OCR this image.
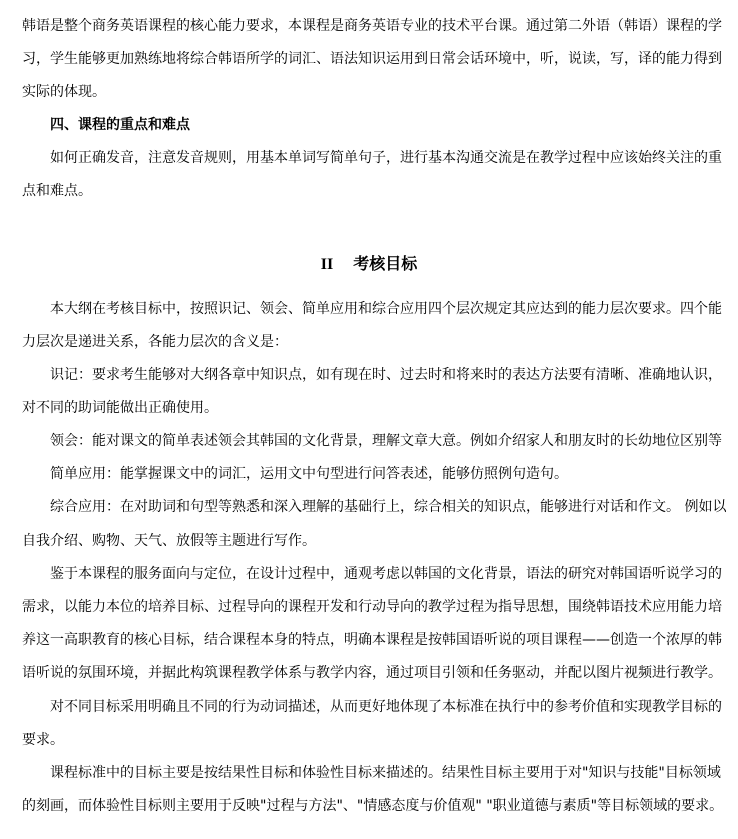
韩语是整个商务英语课程的核心能力要求，本课程是商务英语专业的技术平台课。通过第二外语（韩语）课程的学
习，学生能够更加熟练地将综合韩语所学的词汇、语法知识运用到日常会话环境中，听，说读，写，译的能力得到
实际的体现。
四、课程的重点和难点
如何正确发音，注意发音规则，用基本单词写简单句子，进行基本沟通交流是在教学过程中应该始终关注的重
点和难点。
II 考核目标
本大纲在考核目标中，按照识记、领会、简单应用和综合应用四个层次规定其应达到的能力层次要求。四个能
力层次是递进关系，各能力层次的含义是：
识记：要求考生能够对大纲各章中知识点，如有现在时、过去时和将来时的表达方法要有清晰、准确地认识，
对不同的助词能做出正确使用。
领会：能对课文的简单表述领会其韩国的文化背景，理解文章大意。例如介绍家人和朋友时的长幼地位区别等
简单应用：能掌握课文中的词汇，运用文中句型进行问答表述，能够仿照例句造句。
综合应用：在对助词和句型等熟悉和深入理解的基础行上，综合相关的知识点，能够进行对话和作文。 例如以
自我介绍、购物、天气、放假等主题进行写作。
鉴于本课程的服务面向与定位，在设计过程中，通观考虑以韩国的文化背景，语法的研究对韩国语听说学习的
需求，以能力本位的培养目标、过程导向的课程开发和行动导向的教学过程为指导思想，围绕韩语技术应用能力培
养这一高职教育的核心目标，结合课程本身的特点，明确本课程是按韩国语听说的项目课程——创造一个浓厚的韩
语听说的氛围环境，并据此构筑课程教学体系与教学内容，通过项目引领和任务驱动，并配以图片视频进行教学。
对不同目标采用明确且不同的行为动词描述，从而更好地体现了本标准在执行中的参考价值和实现教学目标的
要求。
课程标准中的目标主要是按结果性目标和体验性目标来描述的。结果性目标主要用于对"知识与技能"目标领域
的刻画，而体验性目标则主要用于反映"过程与方法"、"情感态度与价值观" "职业道德与素质"等目标领域的要求。
